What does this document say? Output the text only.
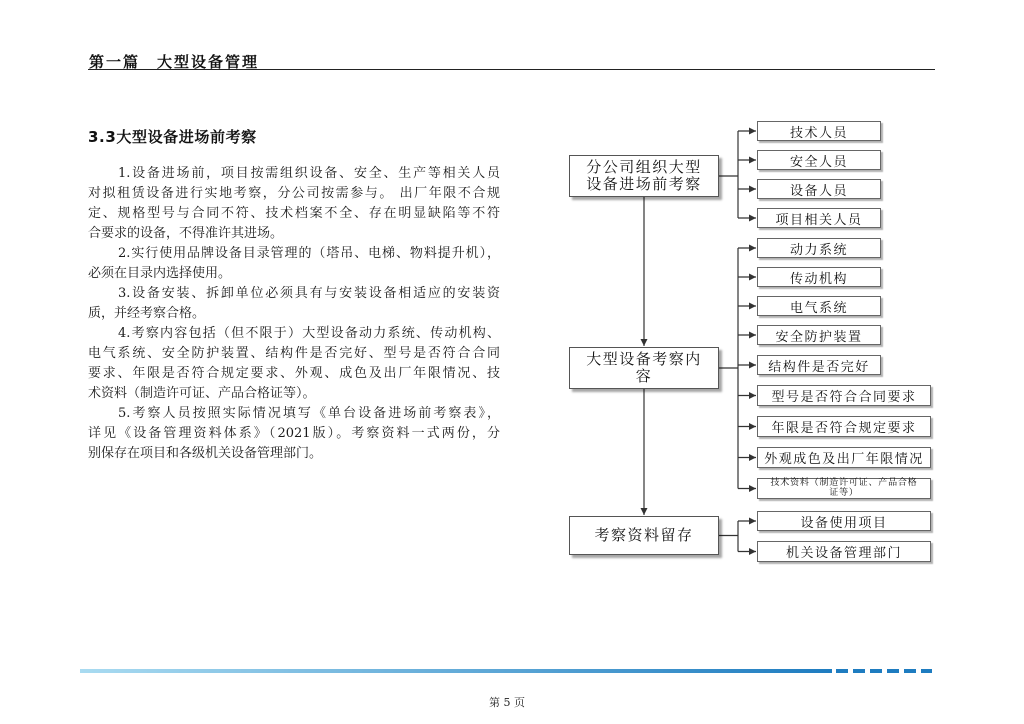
第一篇　大型设备管理
3.3大型设备进场前考察
1.设备进场前，项目按需组织设备、安全、生产等相关人员
对拟租赁设备进行实地考察，分公司按需参与。 出厂年限不合规
定、规格型号与合同不符、技术档案不全、存在明显缺陷等不符
合要求的设备，不得准许其进场。
2.实行使用品牌设备目录管理的（塔吊、电梯、物料提升机），
必须在目录内选择使用。
3.设备安装、拆卸单位必须具有与安装设备相适应的安装资
质，并经考察合格。
4.考察内容包括（但不限于）大型设备动力系统、传动机构、
电气系统、安全防护装置、结构件是否完好、型号是否符合合同
要求、年限是否符合规定要求、外观、成色及出厂年限情况、技
术资料（制造许可证、产品合格证等）。
5.考察人员按照实际情况填写《单台设备进场前考察表》，
详见《设备管理资料体系》（2021版）。考察资料一式两份，分
别保存在项目和各级机关设备管理部门。
分公司组织大型
设备进场前考察
大型设备考察内
容
考察资料留存
技术人员
安全人员
设备人员
项目相关人员
动力系统
传动机构
电气系统
安全防护装置
结构件是否完好
型号是否符合合同要求
年限是否符合规定要求
外观成色及出厂年限情况
技术资料（制造许可证、产品合格
证等）
设备使用项目
机关设备管理部门
第 5 页
